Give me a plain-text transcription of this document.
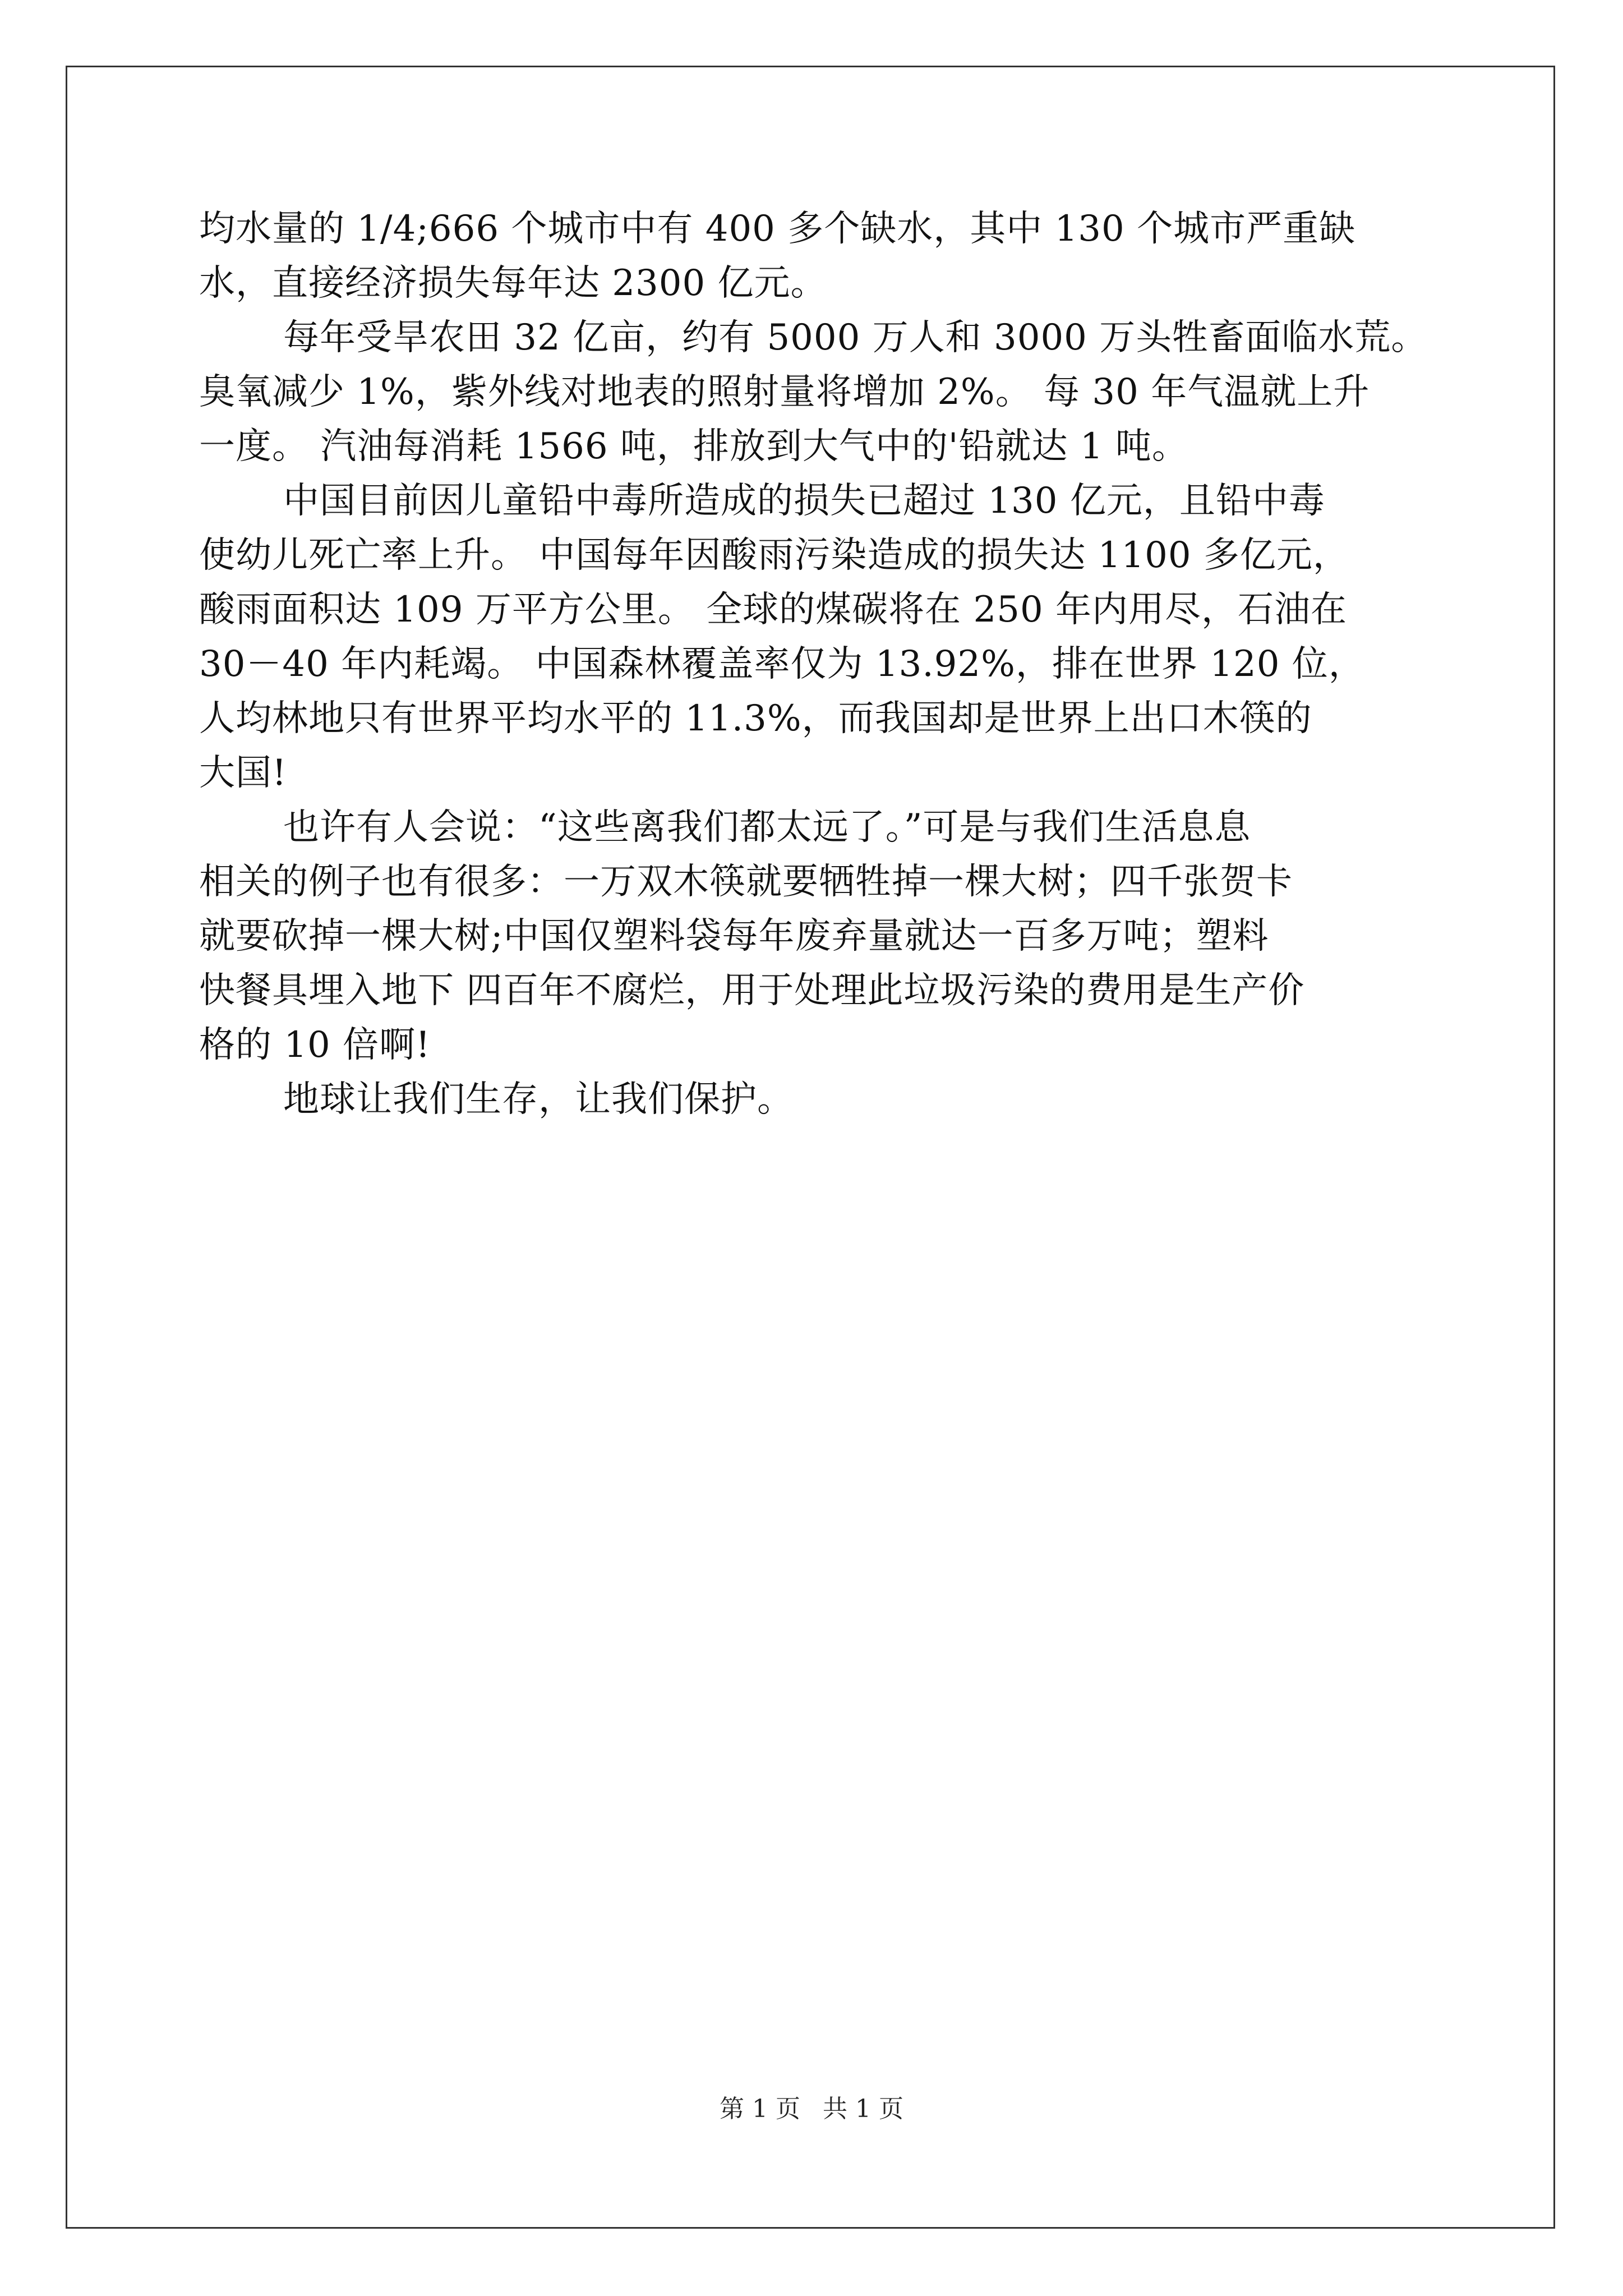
均水量的 1/4;666 个城市中有 400 多个缺水，其中 130 个城市严重缺
水，直接经济损失每年达 2300 亿元。
每年受旱农田 32 亿亩，约有 5000 万人和 3000 万头牲畜面临水荒。
臭氧减少 1%，紫外线对地表的照射量将增加 2%。 每 30 年气温就上升
一度。 汽油每消耗 1566 吨，排放到大气中的'铅就达 1 吨。
中国目前因儿童铅中毒所造成的损失已超过 130 亿元，且铅中毒
使幼儿死亡率上升。 中国每年因酸雨污染造成的损失达 1100 多亿元，
酸雨面积达 109 万平方公里。 全球的煤碳将在 250 年内用尽，石油在
30－40 年内耗竭。 中国森林覆盖率仅为 13.92%，排在世界 120 位，
人均林地只有世界平均水平的 11.3%，而我国却是世界上出口木筷的
大国!
也许有人会说：“这些离我们都太远了。”可是与我们生活息息
相关的例子也有很多：一万双木筷就要牺牲掉一棵大树；四千张贺卡
就要砍掉一棵大树;中国仅塑料袋每年废弃量就达一百多万吨；塑料
快餐具埋入地下 四百年不腐烂，用于处理此垃圾污染的费用是生产价
格的 10 倍啊!
地球让我们生存，让我们保护。
第 1 页 共 1 页
